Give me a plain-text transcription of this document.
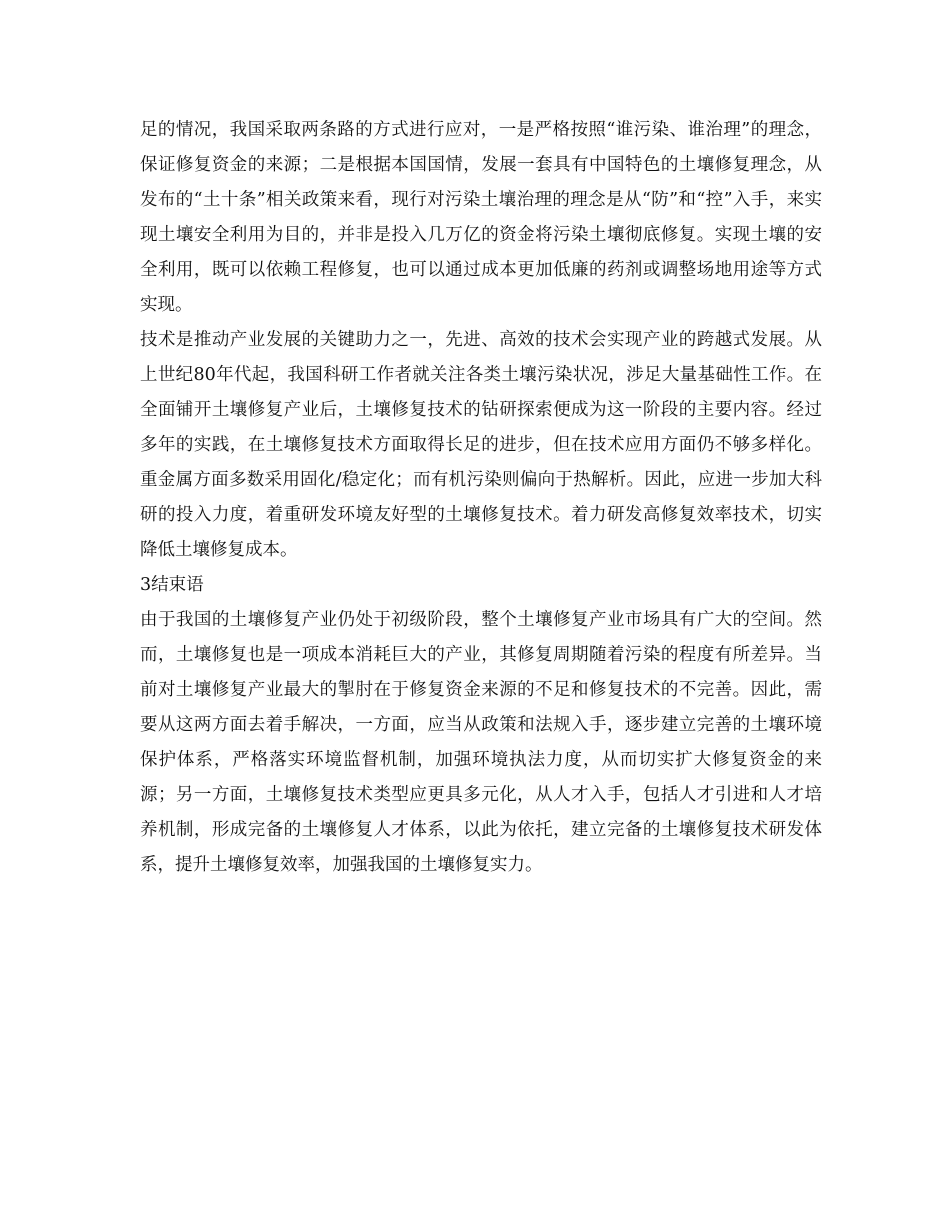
足的情况，我国采取两条路的方式进行应对，一是严格按照“谁污染、谁治理”的理念，保证修复资金的来源；二是根据本国国情，发展一套具有中国特色的土壤修复理念，从发布的“土十条”相关政策来看，现行对污染土壤治理的理念是从“防”和“控”入手，来实现土壤安全利用为目的，并非是投入几万亿的资金将污染土壤彻底修复。实现土壤的安全利用，既可以依赖工程修复，也可以通过成本更加低廉的药剂或调整场地用途等方式实现。

技术是推动产业发展的关键助力之一，先进、高效的技术会实现产业的跨越式发展。从上世纪80年代起，我国科研工作者就关注各类土壤污染状况，涉足大量基础性工作。在全面铺开土壤修复产业后，土壤修复技术的钻研探索便成为这一阶段的主要内容。经过多年的实践，在土壤修复技术方面取得长足的进步，但在技术应用方面仍不够多样化。重金属方面多数采用固化/稳定化；而有机污染则偏向于热解析。因此，应进一步加大科研的投入力度，着重研发环境友好型的土壤修复技术。着力研发高修复效率技术，切实降低土壤修复成本。

3结束语

由于我国的土壤修复产业仍处于初级阶段，整个土壤修复产业市场具有广大的空间。然而，土壤修复也是一项成本消耗巨大的产业，其修复周期随着污染的程度有所差异。当前对土壤修复产业最大的掣肘在于修复资金来源的不足和修复技术的不完善。因此，需要从这两方面去着手解决，一方面，应当从政策和法规入手，逐步建立完善的土壤环境保护体系，严格落实环境监督机制，加强环境执法力度，从而切实扩大修复资金的来源；另一方面，土壤修复技术类型应更具多元化，从人才入手，包括人才引进和人才培养机制，形成完备的土壤修复人才体系，以此为依托，建立完备的土壤修复技术研发体系，提升土壤修复效率，加强我国的土壤修复实力。
